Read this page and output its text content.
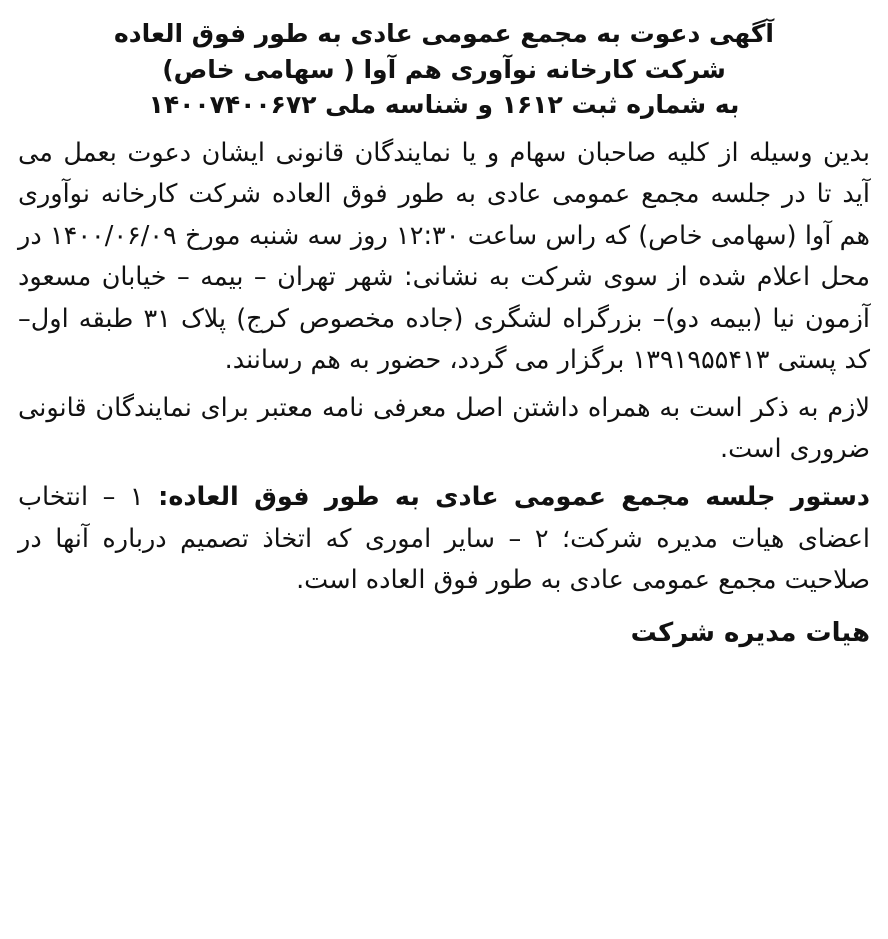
آگهی دعوت به مجمع عمومی عادی به طور فوق العاده
شرکت کارخانه نوآوری هم آوا ( سهامی خاص)
به شماره ثبت ۱۶۱۲ و شناسه ملی ۱۴۰۰۷۴۰۰۶۷۲

بدین وسیله از کلیه صاحبان سهام و یا نمایندگان قانونی ایشان دعوت بعمل می آید تا در جلسه مجمع عمومی عادی به طور فوق العاده شرکت کارخانه نوآوری هم آوا (سهامی خاص) که راس ساعت ۱۲:۳۰ روز سه شنبه مورخ ۱۴۰۰/۰۶/۰۹ در محل اعلام شده از سوی شرکت به نشانی: شهر تهران – بیمه – خیابان مسعود آزمون نیا (بیمه دو)– بزرگراه لشگری (جاده مخصوص کرج) پلاک ۳۱ طبقه اول– کد پستی ۱۳۹۱۹۵۵۴۱۳ برگزار می گردد، حضور به هم رسانند.

لازم به ذکر است به همراه داشتن اصل معرفی نامه معتبر برای نمایندگان قانونی ضروری است.

دستور جلسه مجمع عمومی عادی به طور فوق العاده: ۱ – انتخاب اعضای هیات مدیره شرکت؛ ۲ – سایر اموری که اتخاذ تصمیم درباره آنها در صلاحیت مجمع عمومی عادی به طور فوق العاده است.

هیات مدیره شرکت
